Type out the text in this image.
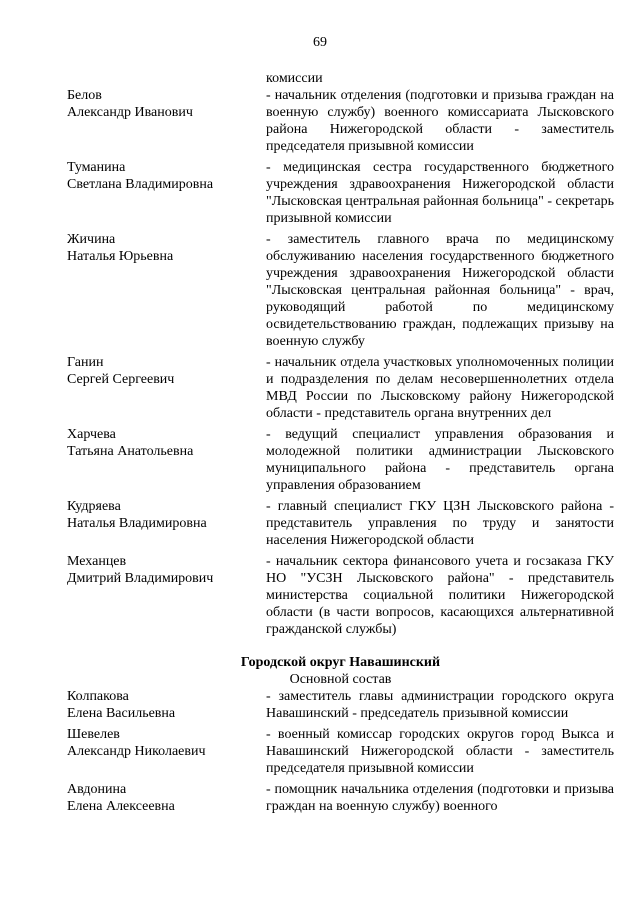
69
комиссии
Белов
Александр Иванович
- начальник отделения (подготовки и призыва граждан на военную службу) военного комиссариата Лысковского района Нижегородской области - заместитель председателя призывной комиссии
Туманина
Светлана Владимировна
- медицинская сестра государственного бюджетного учреждения здравоохранения Нижегородской области "Лысковская центральная районная больница" - секретарь призывной комиссии
Жичина
Наталья Юрьевна
- заместитель главного врача по медицинскому обслуживанию населения государственного бюджетного учреждения здравоохранения Нижегородской области "Лысковская центральная районная больница" - врач, руководящий работой по медицинскому освидетельствованию граждан, подлежащих призыву на военную службу
Ганин
Сергей Сергеевич
- начальник отдела участковых уполномоченных полиции и подразделения по делам несовершеннолетних отдела МВД России по Лысковскому району Нижегородской области - представитель органа внутренних дел
Харчева
Татьяна Анатольевна
- ведущий специалист управления образования и молодежной политики администрации Лысковского муниципального района - представитель органа управления образованием
Кудряева
Наталья Владимировна
- главный специалист ГКУ ЦЗН Лысковского района - представитель управления по труду и занятости населения Нижегородской области
Механцев
Дмитрий Владимирович
- начальник сектора финансового учета и госзаказа ГКУ НО "УСЗН Лысковского района" - представитель министерства социальной политики Нижегородской области (в части вопросов, касающихся альтернативной гражданской службы)
Городской округ Навашинский
Основной состав
Колпакова
Елена Васильевна
- заместитель главы администрации городского округа Навашинский - председатель призывной комиссии
Шевелев
Александр Николаевич
- военный комиссар городских округов город Выкса и Навашинский Нижегородской области - заместитель председателя призывной комиссии
Авдонина
Елена Алексеевна
- помощник начальника отделения (подготовки и призыва граждан на военную службу) военного
